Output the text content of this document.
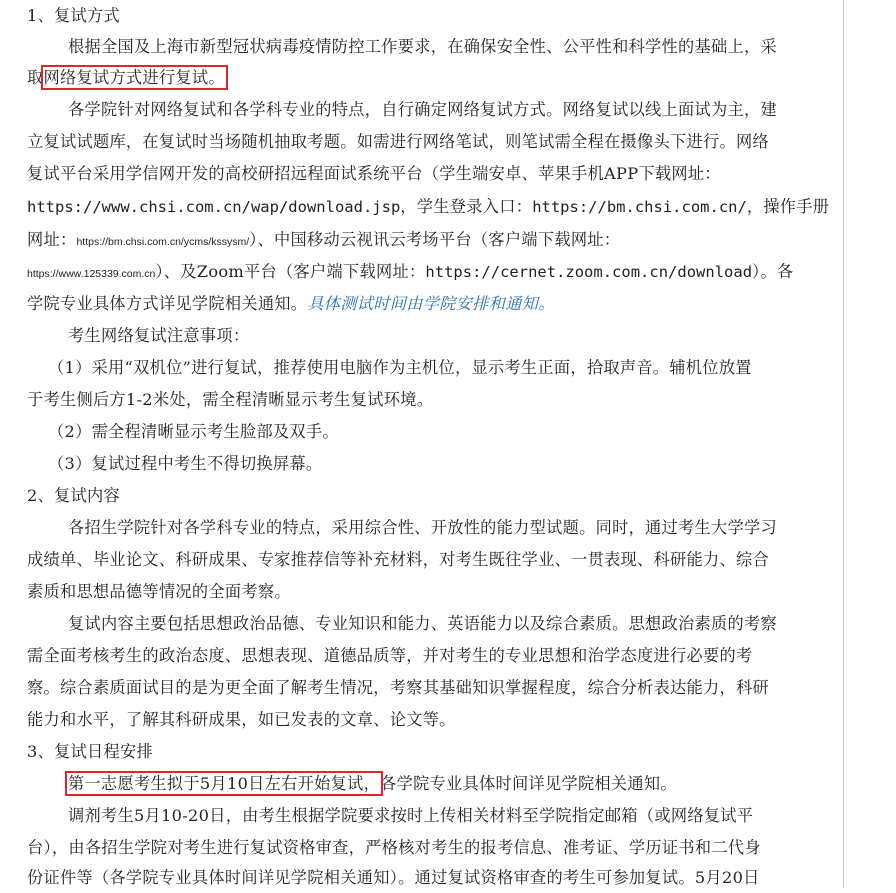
1、复试方式
根据全国及上海市新型冠状病毒疫情防控工作要求，在确保安全性、公平性和科学性的基础上，采
取网络复试方式进行复试。
各学院针对网络复试和各学科专业的特点，自行确定网络复试方式。网络复试以线上面试为主，建
立复试试题库，在复试时当场随机抽取考题。如需进行网络笔试，则笔试需全程在摄像头下进行。网络
复试平台采用学信网开发的高校研招远程面试系统平台（学生端安卓、苹果手机APP下载网址：
https://www.chsi.com.cn/wap/download.jsp，学生登录入口：https://bm.chsi.com.cn/，操作手册
网址：https://bm.chsi.com.cn/ycms/kssysm/）、中国移动云视讯云考场平台（客户端下载网址：
https://www.125339.com.cn）、及Zoom平台（客户端下载网址：https://cernet.zoom.com.cn/download）。各
学院专业具体方式详见学院相关通知。具体测试时间由学院安排和通知。
考生网络复试注意事项：
（1）采用“双机位”进行复试，推荐使用电脑作为主机位，显示考生正面，拾取声音。辅机位放置
于考生侧后方1-2米处，需全程清晰显示考生复试环境。
（2）需全程清晰显示考生脸部及双手。
（3）复试过程中考生不得切换屏幕。
2、复试内容
各招生学院针对各学科专业的特点，采用综合性、开放性的能力型试题。同时，通过考生大学学习
成绩单、毕业论文、科研成果、专家推荐信等补充材料，对考生既往学业、一贯表现、科研能力、综合
素质和思想品德等情况的全面考察。
复试内容主要包括思想政治品德、专业知识和能力、英语能力以及综合素质。思想政治素质的考察
需全面考核考生的政治态度、思想表现、道德品质等，并对考生的专业思想和治学态度进行必要的考
察。综合素质面试目的是为更全面了解考生情况，考察其基础知识掌握程度，综合分析表达能力，科研
能力和水平，了解其科研成果，如已发表的文章、论文等。
3、复试日程安排
第一志愿考生拟于5月10日左右开始复试，各学院专业具体时间详见学院相关通知。
调剂考生5月10-20日，由考生根据学院要求按时上传相关材料至学院指定邮箱（或网络复试平
台），由各招生学院对考生进行复试资格审查，严格核对考生的报考信息、准考证、学历证书和二代身
份证件等（各学院专业具体时间详见学院相关通知）。通过复试资格审查的考生可参加复试。5月20日
